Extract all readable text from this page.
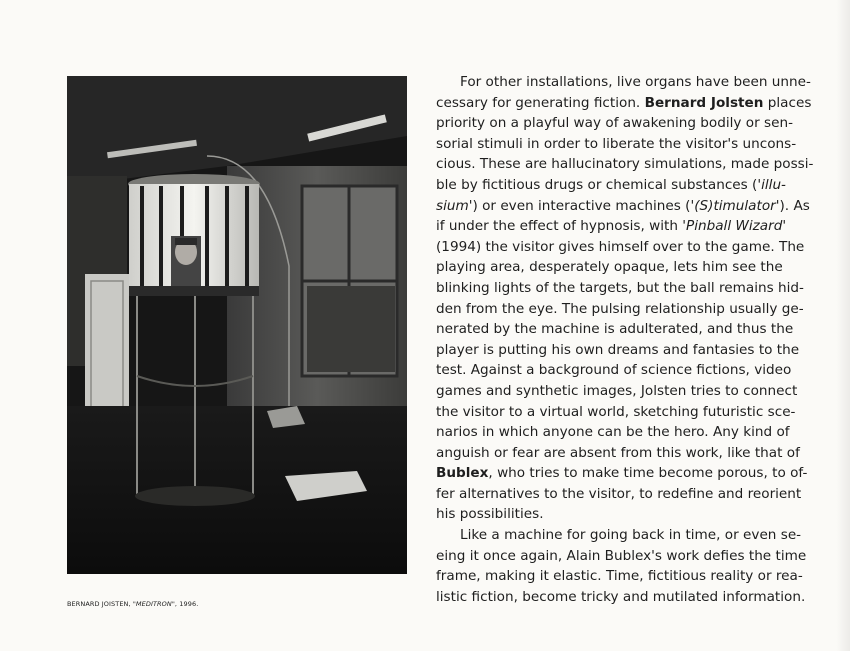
BERNARD JOISTEN, "MEDITRON", 1996.
For other installations, live organs have been unne-
cessary for generating fiction. Bernard Jolsten places
priority on a playful way of awakening bodily or sen-
sorial stimuli in order to liberate the visitor's uncons-
cious. These are hallucinatory simulations, made possi-
ble by fictitious drugs or chemical substances ('illu-
sium') or even interactive machines ('(S)timulator'). As
if under the effect of hypnosis, with 'Pinball Wizard'
(1994) the visitor gives himself over to the game. The
playing area, desperately opaque, lets him see the
blinking lights of the targets, but the ball remains hid-
den from the eye. The pulsing relationship usually ge-
nerated by the machine is adulterated, and thus the
player is putting his own dreams and fantasies to the
test. Against a background of science fictions, video
games and synthetic images, Jolsten tries to connect
the visitor to a virtual world, sketching futuristic sce-
narios in which anyone can be the hero. Any kind of
anguish or fear are absent from this work, like that of
Bublex, who tries to make time become porous, to of-
fer alternatives to the visitor, to redefine and reorient
his possibilities.
Like a machine for going back in time, or even se-
eing it once again, Alain Bublex's work defies the time
frame, making it elastic. Time, fictitious reality or rea-
listic fiction, become tricky and mutilated information.
